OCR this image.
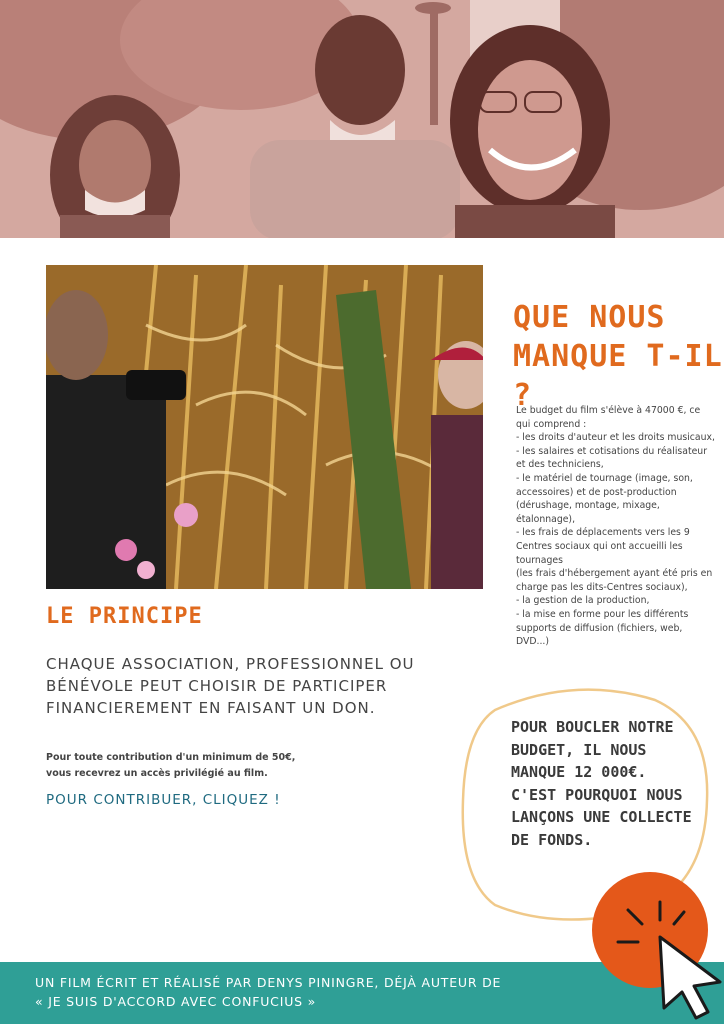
QUE NOUS
MANQUE T-IL ?
Le budget du film s'élève à 47000 €, ce qui comprend :
- les droits d'auteur et les droits musicaux,
- les salaires et cotisations du réalisateur et des techniciens,
- le matériel de tournage (image, son, accessoires) et de post-production (dérushage, montage, mixage, étalonnage),
- les frais de déplacements vers les 9 Centres sociaux qui ont accueilli les tournages
(les frais d'hébergement ayant été pris en charge pas les dits-Centres sociaux),
- la gestion de la production,
- la mise en forme pour les différents supports de diffusion (fichiers, web, DVD...)
LE PRINCIPE
CHAQUE ASSOCIATION, PROFESSIONNEL OU BÉNÉVOLE PEUT CHOISIR DE PARTICIPER FINANCIEREMENT EN FAISANT UN DON.
Pour toute contribution d'un minimum de 50€,
vous recevrez un accès privilégié au film.
POUR CONTRIBUER, CLIQUEZ !
POUR BOUCLER NOTRE
BUDGET, IL NOUS
MANQUE 12 000€.
C'EST POURQUOI NOUS
LANÇONS UNE COLLECTE
DE FONDS.
UN FILM ÉCRIT ET RÉALISÉ PAR DENYS PININGRE, DÉJÀ AUTEUR DE
« JE SUIS D'ACCORD AVEC CONFUCIUS »
